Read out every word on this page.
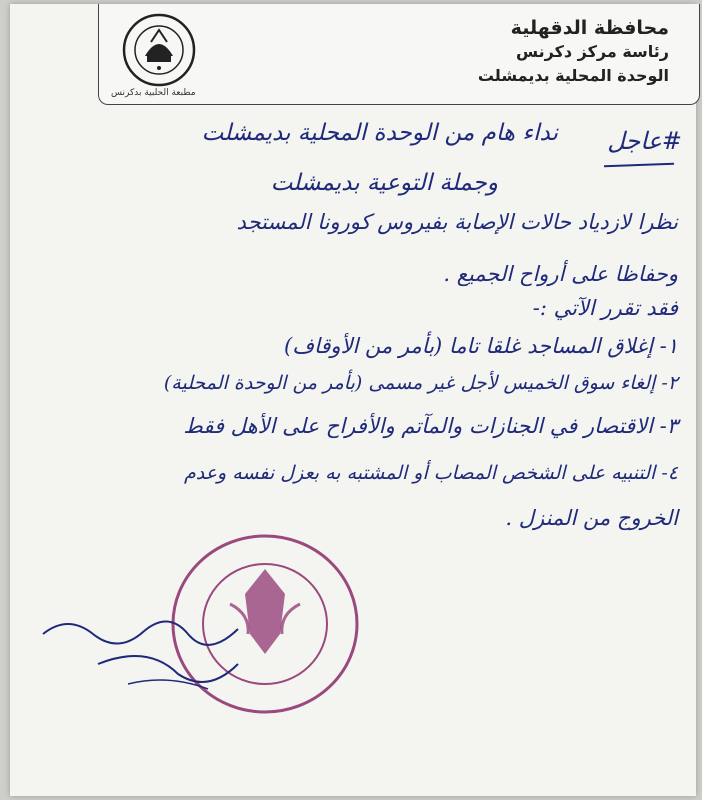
محافظة الدقهلية
رئاسة مركز دكرنس
الوحدة المحلية بديمشلت
مطبعة الحلبية بدكرنس
#عاجل
نداء هام من الوحدة المحلية بديمشلت
وجملة التوعية بديمشلت
نظرا لازدياد حالات الإصابة بفيروس كورونا المستجد
وحفاظا على أرواح الجميع .
فقد تقرر الآتي :-
١- إغلاق المساجد غلقا تاما (بأمر من الأوقاف)
٢- إلغاء سوق الخميس لأجل غير مسمى (بأمر من الوحدة المحلية)
٣- الاقتصار في الجنازات والمآتم والأفراح على الأهل فقط
٤- التنبيه على الشخص المصاب أو المشتبه به بعزل نفسه وعدم
الخروج من المنزل .
